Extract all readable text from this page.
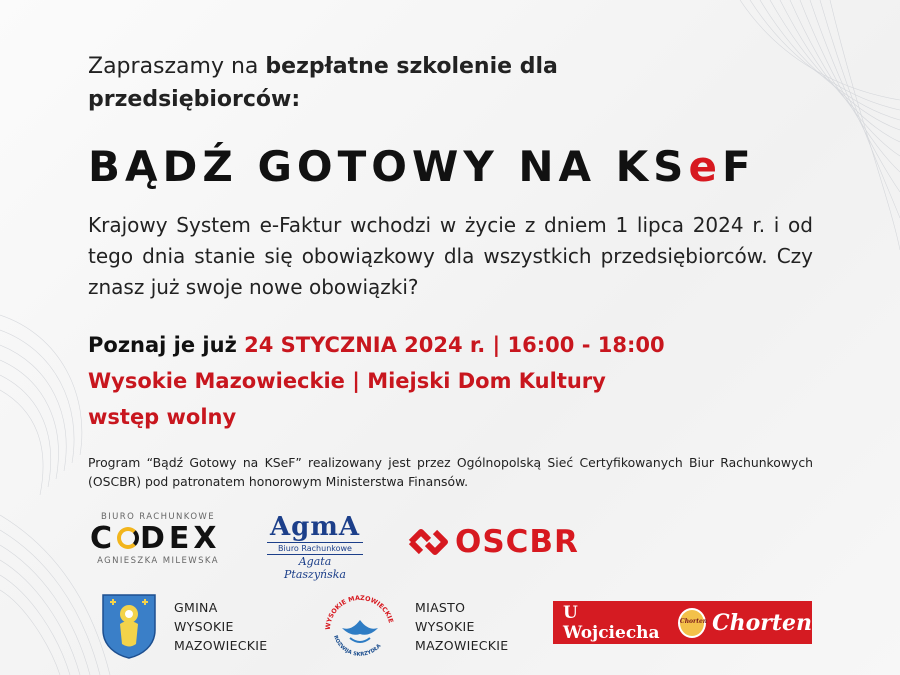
Zapraszamy na bezpłatne szkolenie dla przedsiębiorców:
BĄDŹ GOTOWY NA KSeF
Krajowy System e-Faktur wchodzi w życie z dniem 1 lipca 2024 r. i od tego dnia stanie się obowiązkowy dla wszystkich przedsiębiorców. Czy znasz już swoje nowe obowiązki?
Poznaj je już 24 STYCZNIA 2024 r. | 16:00 - 18:00
Wysokie Mazowieckie | Miejski Dom Kultury
wstęp wolny
Program “Bądź Gotowy na KSeF” realizowany jest przez Ogólnopolską Sieć Certyfikowanych Biur Rachunkowych (OSCBR) pod patronatem honorowym Ministerstwa Finansów.
BIURO RACHUNKOWE
C DEX
AGNIESZKA MILEWSKA
AgmA
Biuro Rachunkowe
Agata Ptaszyńska
OSCBR
GMINA
WYSOKIE
MAZOWIECKIE
WYSOKIE MAZOWIECKIE
ROZWIJA SKRZYDŁA
MIASTO
WYSOKIE
MAZOWIECKIE
U Wojciecha
Chorten Chorten
